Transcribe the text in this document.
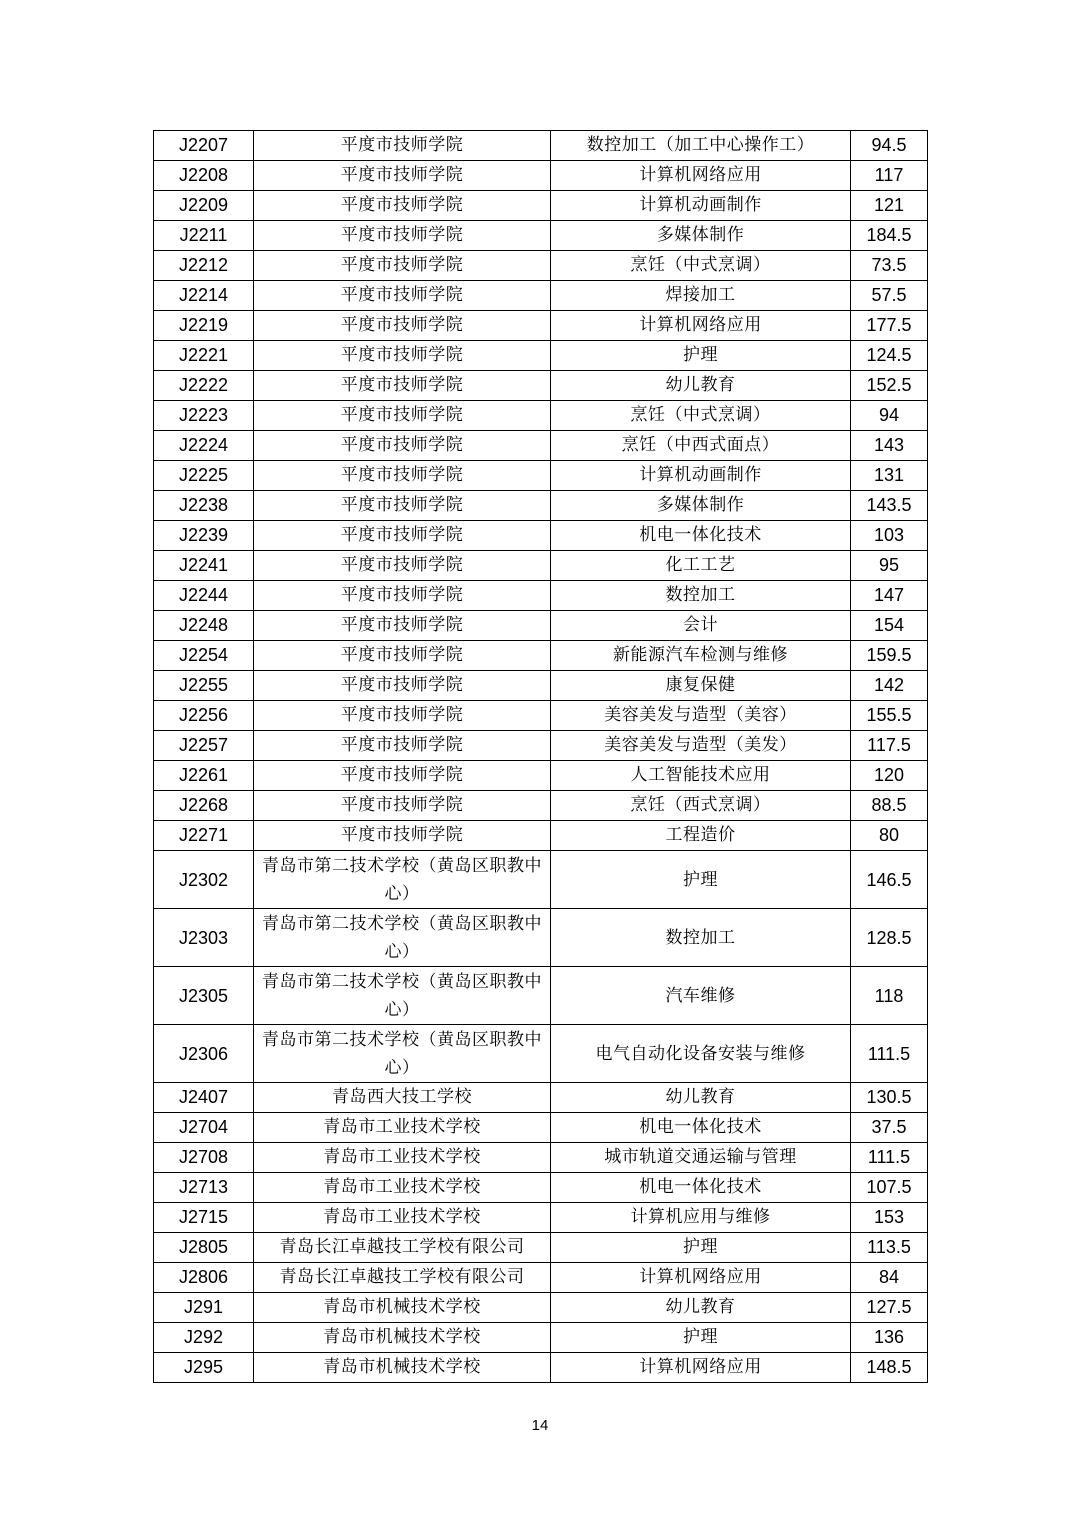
J2207	平度市技师学院	数控加工（加工中心操作工）	94.5
J2208	平度市技师学院	计算机网络应用	117
J2209	平度市技师学院	计算机动画制作	121
J2211	平度市技师学院	多媒体制作	184.5
J2212	平度市技师学院	烹饪（中式烹调）	73.5
J2214	平度市技师学院	焊接加工	57.5
J2219	平度市技师学院	计算机网络应用	177.5
J2221	平度市技师学院	护理	124.5
J2222	平度市技师学院	幼儿教育	152.5
J2223	平度市技师学院	烹饪（中式烹调）	94
J2224	平度市技师学院	烹饪（中西式面点）	143
J2225	平度市技师学院	计算机动画制作	131
J2238	平度市技师学院	多媒体制作	143.5
J2239	平度市技师学院	机电一体化技术	103
J2241	平度市技师学院	化工工艺	95
J2244	平度市技师学院	数控加工	147
J2248	平度市技师学院	会计	154
J2254	平度市技师学院	新能源汽车检测与维修	159.5
J2255	平度市技师学院	康复保健	142
J2256	平度市技师学院	美容美发与造型（美容）	155.5
J2257	平度市技师学院	美容美发与造型（美发）	117.5
J2261	平度市技师学院	人工智能技术应用	120
J2268	平度市技师学院	烹饪（西式烹调）	88.5
J2271	平度市技师学院	工程造价	80
J2302	青岛市第二技术学校（黄岛区职教中心）	护理	146.5
J2303	青岛市第二技术学校（黄岛区职教中心）	数控加工	128.5
J2305	青岛市第二技术学校（黄岛区职教中心）	汽车维修	118
J2306	青岛市第二技术学校（黄岛区职教中心）	电气自动化设备安装与维修	111.5
J2407	青岛西大技工学校	幼儿教育	130.5
J2704	青岛市工业技术学校	机电一体化技术	37.5
J2708	青岛市工业技术学校	城市轨道交通运输与管理	111.5
J2713	青岛市工业技术学校	机电一体化技术	107.5
J2715	青岛市工业技术学校	计算机应用与维修	153
J2805	青岛长江卓越技工学校有限公司	护理	113.5
J2806	青岛长江卓越技工学校有限公司	计算机网络应用	84
J291	青岛市机械技术学校	幼儿教育	127.5
J292	青岛市机械技术学校	护理	136
J295	青岛市机械技术学校	计算机网络应用	148.5
14
